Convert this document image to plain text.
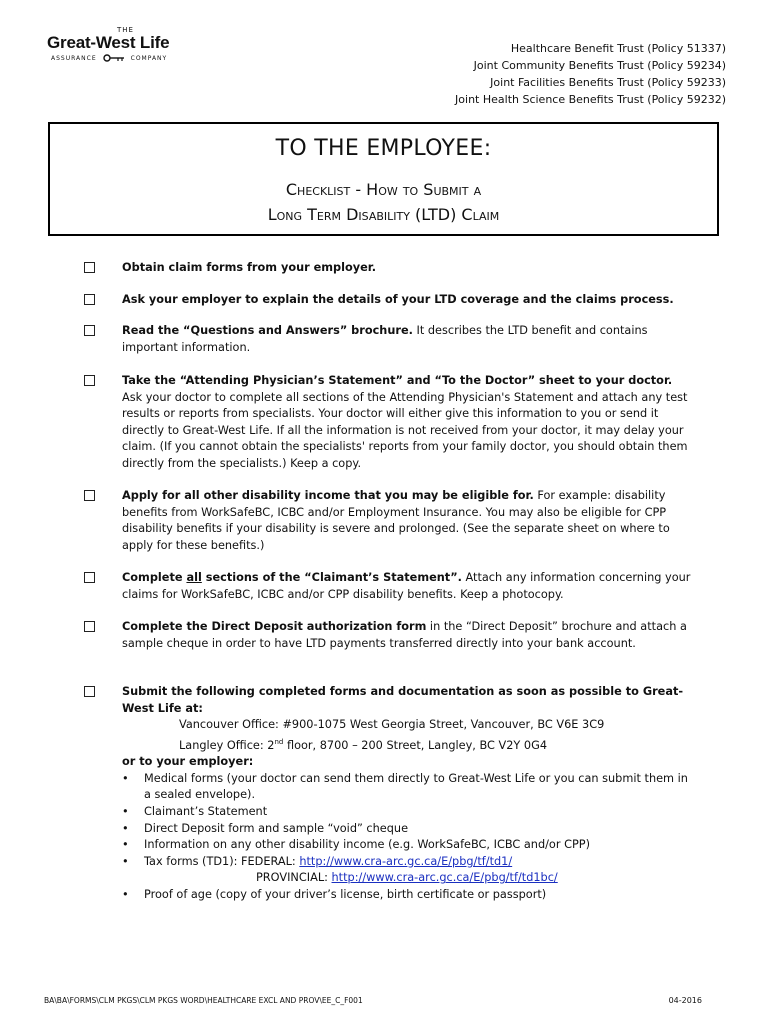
THE
Great-West Life
ASSURANCE	COMPANY
Healthcare Benefit Trust (Policy 51337)
Joint Community Benefits Trust (Policy 59234)
Joint Facilities Benefits Trust (Policy 59233)
Joint Health Science Benefits Trust (Policy 59232)
TO THE EMPLOYEE:
Checklist - How to Submit a
Long Term Disability (LTD) Claim
Obtain claim forms from your employer.
Ask your employer to explain the details of your LTD coverage and the claims process.
Read the “Questions and Answers” brochure. It describes the LTD benefit and contains important information.
Take the “Attending Physician’s Statement” and “To the Doctor” sheet to your doctor.
Ask your doctor to complete all sections of the Attending Physician's Statement and attach any test results or reports from specialists. Your doctor will either give this information to you or send it directly to Great-West Life. If all the information is not received from your doctor, it may delay your claim. (If you cannot obtain the specialists' reports from your family doctor, you should obtain them directly from the specialists.) Keep a copy.
Apply for all other disability income that you may be eligible for. For example: disability benefits from WorkSafeBC, ICBC and/or Employment Insurance. You may also be eligible for CPP disability benefits if your disability is severe and prolonged. (See the separate sheet on where to apply for these benefits.)
Complete all sections of the “Claimant’s Statement”. Attach any information concerning your claims for WorkSafeBC, ICBC and/or CPP disability benefits. Keep a photocopy.
Complete the Direct Deposit authorization form in the “Direct Deposit” brochure and attach a sample cheque in order to have LTD payments transferred directly into your bank account.
Submit the following completed forms and documentation as soon as possible to Great-West Life at:
Vancouver Office: #900-1075 West Georgia Street, Vancouver, BC V6E 3C9
Langley Office: 2nd floor, 8700 – 200 Street, Langley, BC V2Y 0G4
or to your employer:
• Medical forms (your doctor can send them directly to Great-West Life or you can submit them in a sealed envelope).
• Claimant’s Statement
• Direct Deposit form and sample “void” cheque
• Information on any other disability income (e.g. WorkSafeBC, ICBC and/or CPP)
• Tax forms (TD1): FEDERAL: http://www.cra-arc.gc.ca/E/pbg/tf/td1/
PROVINCIAL: http://www.cra-arc.gc.ca/E/pbg/tf/td1bc/
• Proof of age (copy of your driver’s license, birth certificate or passport)
BA\BA\FORMS\CLM PKGS\CLM PKGS WORD\HEALTHCARE EXCL AND PROV\EE_C_F001	04-2016
